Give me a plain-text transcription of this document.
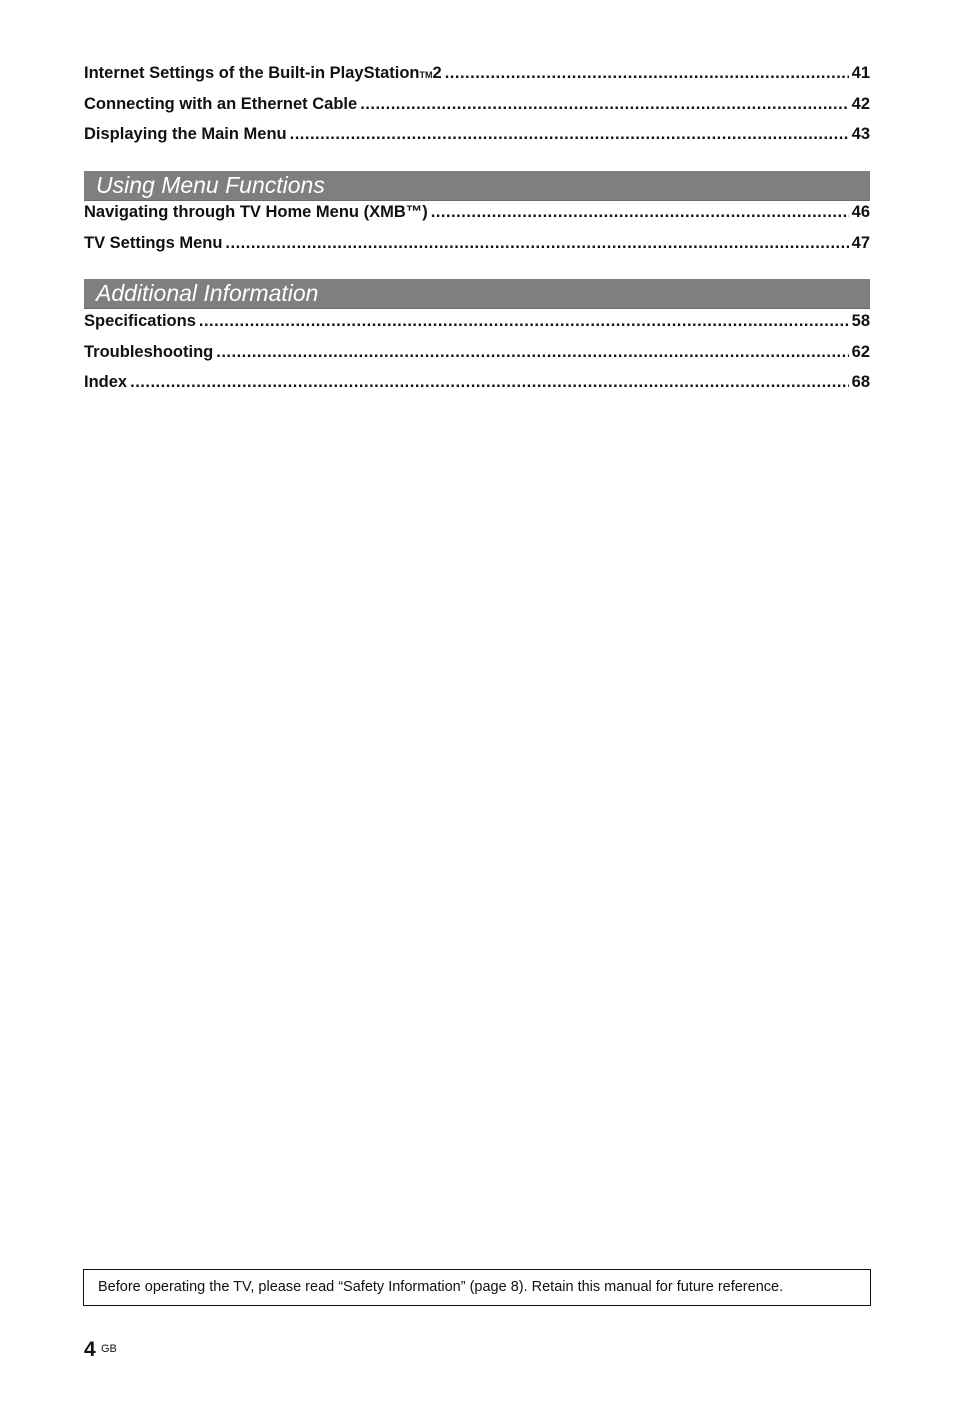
Internet Settings of the Built-in PlayStationTM2 .....	41
Connecting with an Ethernet Cable .....	42
Displaying the Main Menu .....	43
Using Menu Functions
Navigating through TV Home Menu (XMB™) .....	46
TV Settings Menu .....	47
Additional Information
Specifications .....	58
Troubleshooting .....	62
Index .....	68
Before operating the TV, please read “Safety Information” (page 8). Retain this manual for future reference.
4 GB
